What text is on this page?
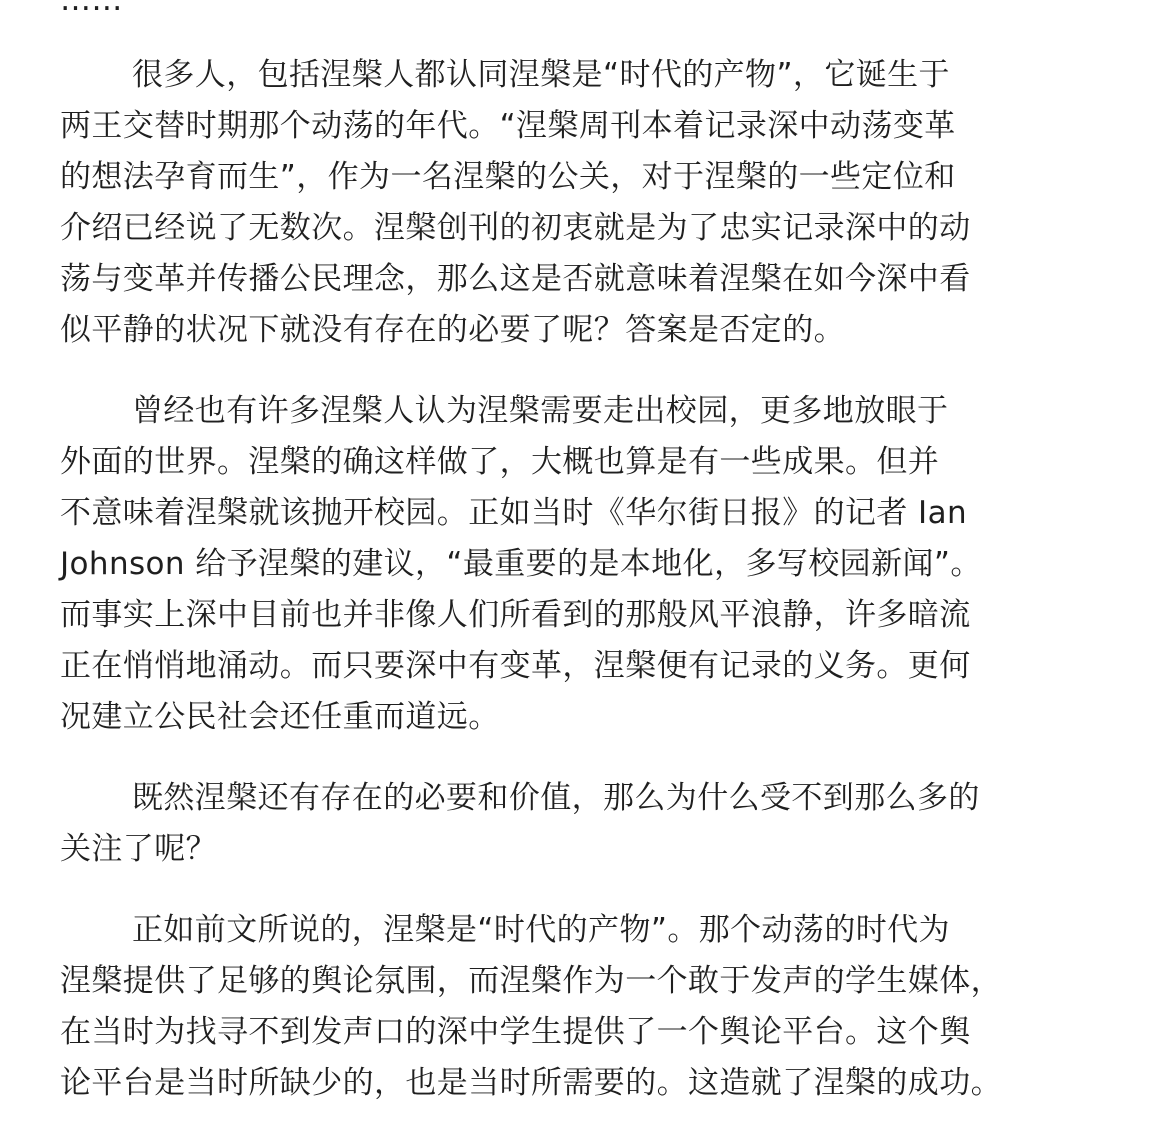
……

很多人，包括涅槃人都认同涅槃是“时代的产物”，它诞生于
两王交替时期那个动荡的年代。“涅槃周刊本着记录深中动荡变革
的想法孕育而生”，作为一名涅槃的公关，对于涅槃的一些定位和
介绍已经说了无数次。涅槃创刊的初衷就是为了忠实记录深中的动
荡与变革并传播公民理念，那么这是否就意味着涅槃在如今深中看
似平静的状况下就没有存在的必要了呢？答案是否定的。

曾经也有许多涅槃人认为涅槃需要走出校园，更多地放眼于
外面的世界。涅槃的确这样做了，大概也算是有一些成果。但并
不意味着涅槃就该抛开校园。正如当时《华尔街日报》的记者 Ian
Johnson 给予涅槃的建议，“最重要的是本地化，多写校园新闻”。
而事实上深中目前也并非像人们所看到的那般风平浪静，许多暗流
正在悄悄地涌动。而只要深中有变革，涅槃便有记录的义务。更何
况建立公民社会还任重而道远。

既然涅槃还有存在的必要和价值，那么为什么受不到那么多的
关注了呢？

正如前文所说的，涅槃是“时代的产物”。那个动荡的时代为
涅槃提供了足够的舆论氛围，而涅槃作为一个敢于发声的学生媒体，
在当时为找寻不到发声口的深中学生提供了一个舆论平台。这个舆
论平台是当时所缺少的，也是当时所需要的。这造就了涅槃的成功。
